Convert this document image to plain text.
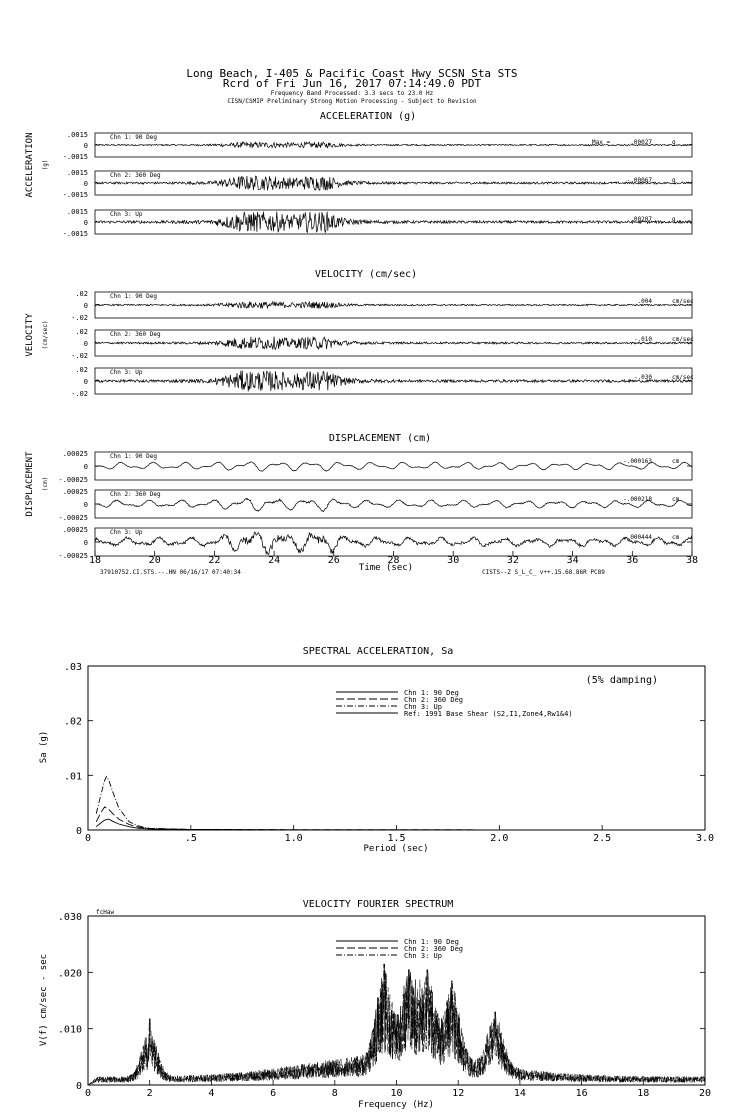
Long Beach, I-405 & Pacific Coast Hwy SCSN Sta STS
Rcrd of Fri Jun 16, 2017 07:14:49.0 PDT
Frequency Band Processed: 3.3 secs to 23.0 Hz
CISN/CSMIP Preliminary Strong Motion Processing - Subject to Revision
ACCELERATION (g)
ACCELERATION (g)
.0015
0
-.0015
Chn 1: 90 Deg
Max =	.00027	g
.0015
0
-.0015
Chn 2: 360 Deg
-.00067	g
.0015
0
-.0015
Chn 3: Up
.00207	g
VELOCITY (cm/sec)
VELOCITY (cm/sec)
.02
0
-.02
Chn 1: 90 Deg
.004	cm/sec
.02
0
-.02
Chn 2: 360 Deg
-.010	cm/sec
.02
0
-.02
Chn 3: Up
-.030	cm/sec
DISPLACEMENT (cm)
DISPLACEMENT (cm)
.00025
0
-.00025
Chn 1: 90 Deg
-.000163	cm
.00025
0
-.00025
Chn 2: 360 Deg
-.000218	cm
.00025
0
-.00025
Chn 3: Up
-.000444	cm
18	20	22	24	26	28	30	32	34	36	38
Time (sec)
37910752.CI.STS.--.HN 06/16/17 07:40:34	CISTS--Z S_L_C_ v++.15.68.86R PC89
SPECTRAL ACCELERATION, Sa
(5% damping)
Sa (g)
Period (sec)
0	.5	1.0	1.5	2.0	2.5	3.0
0
.01
.02
.03
Chn 1: 90 Deg
Chn 2: 360 Deg
Chn 3: Up
Ref: 1991 Base Shear (S2,I1,Zone4,Rw1&4)
VELOCITY FOURIER SPECTRUM
fcHaw
V(f) cm/sec - sec
Frequency (Hz)
0	2	4	6	8	10	12	14	16	18	20
0
.010
.020
.030
Chn 1: 90 Deg
Chn 2: 360 Deg
Chn 3: Up
